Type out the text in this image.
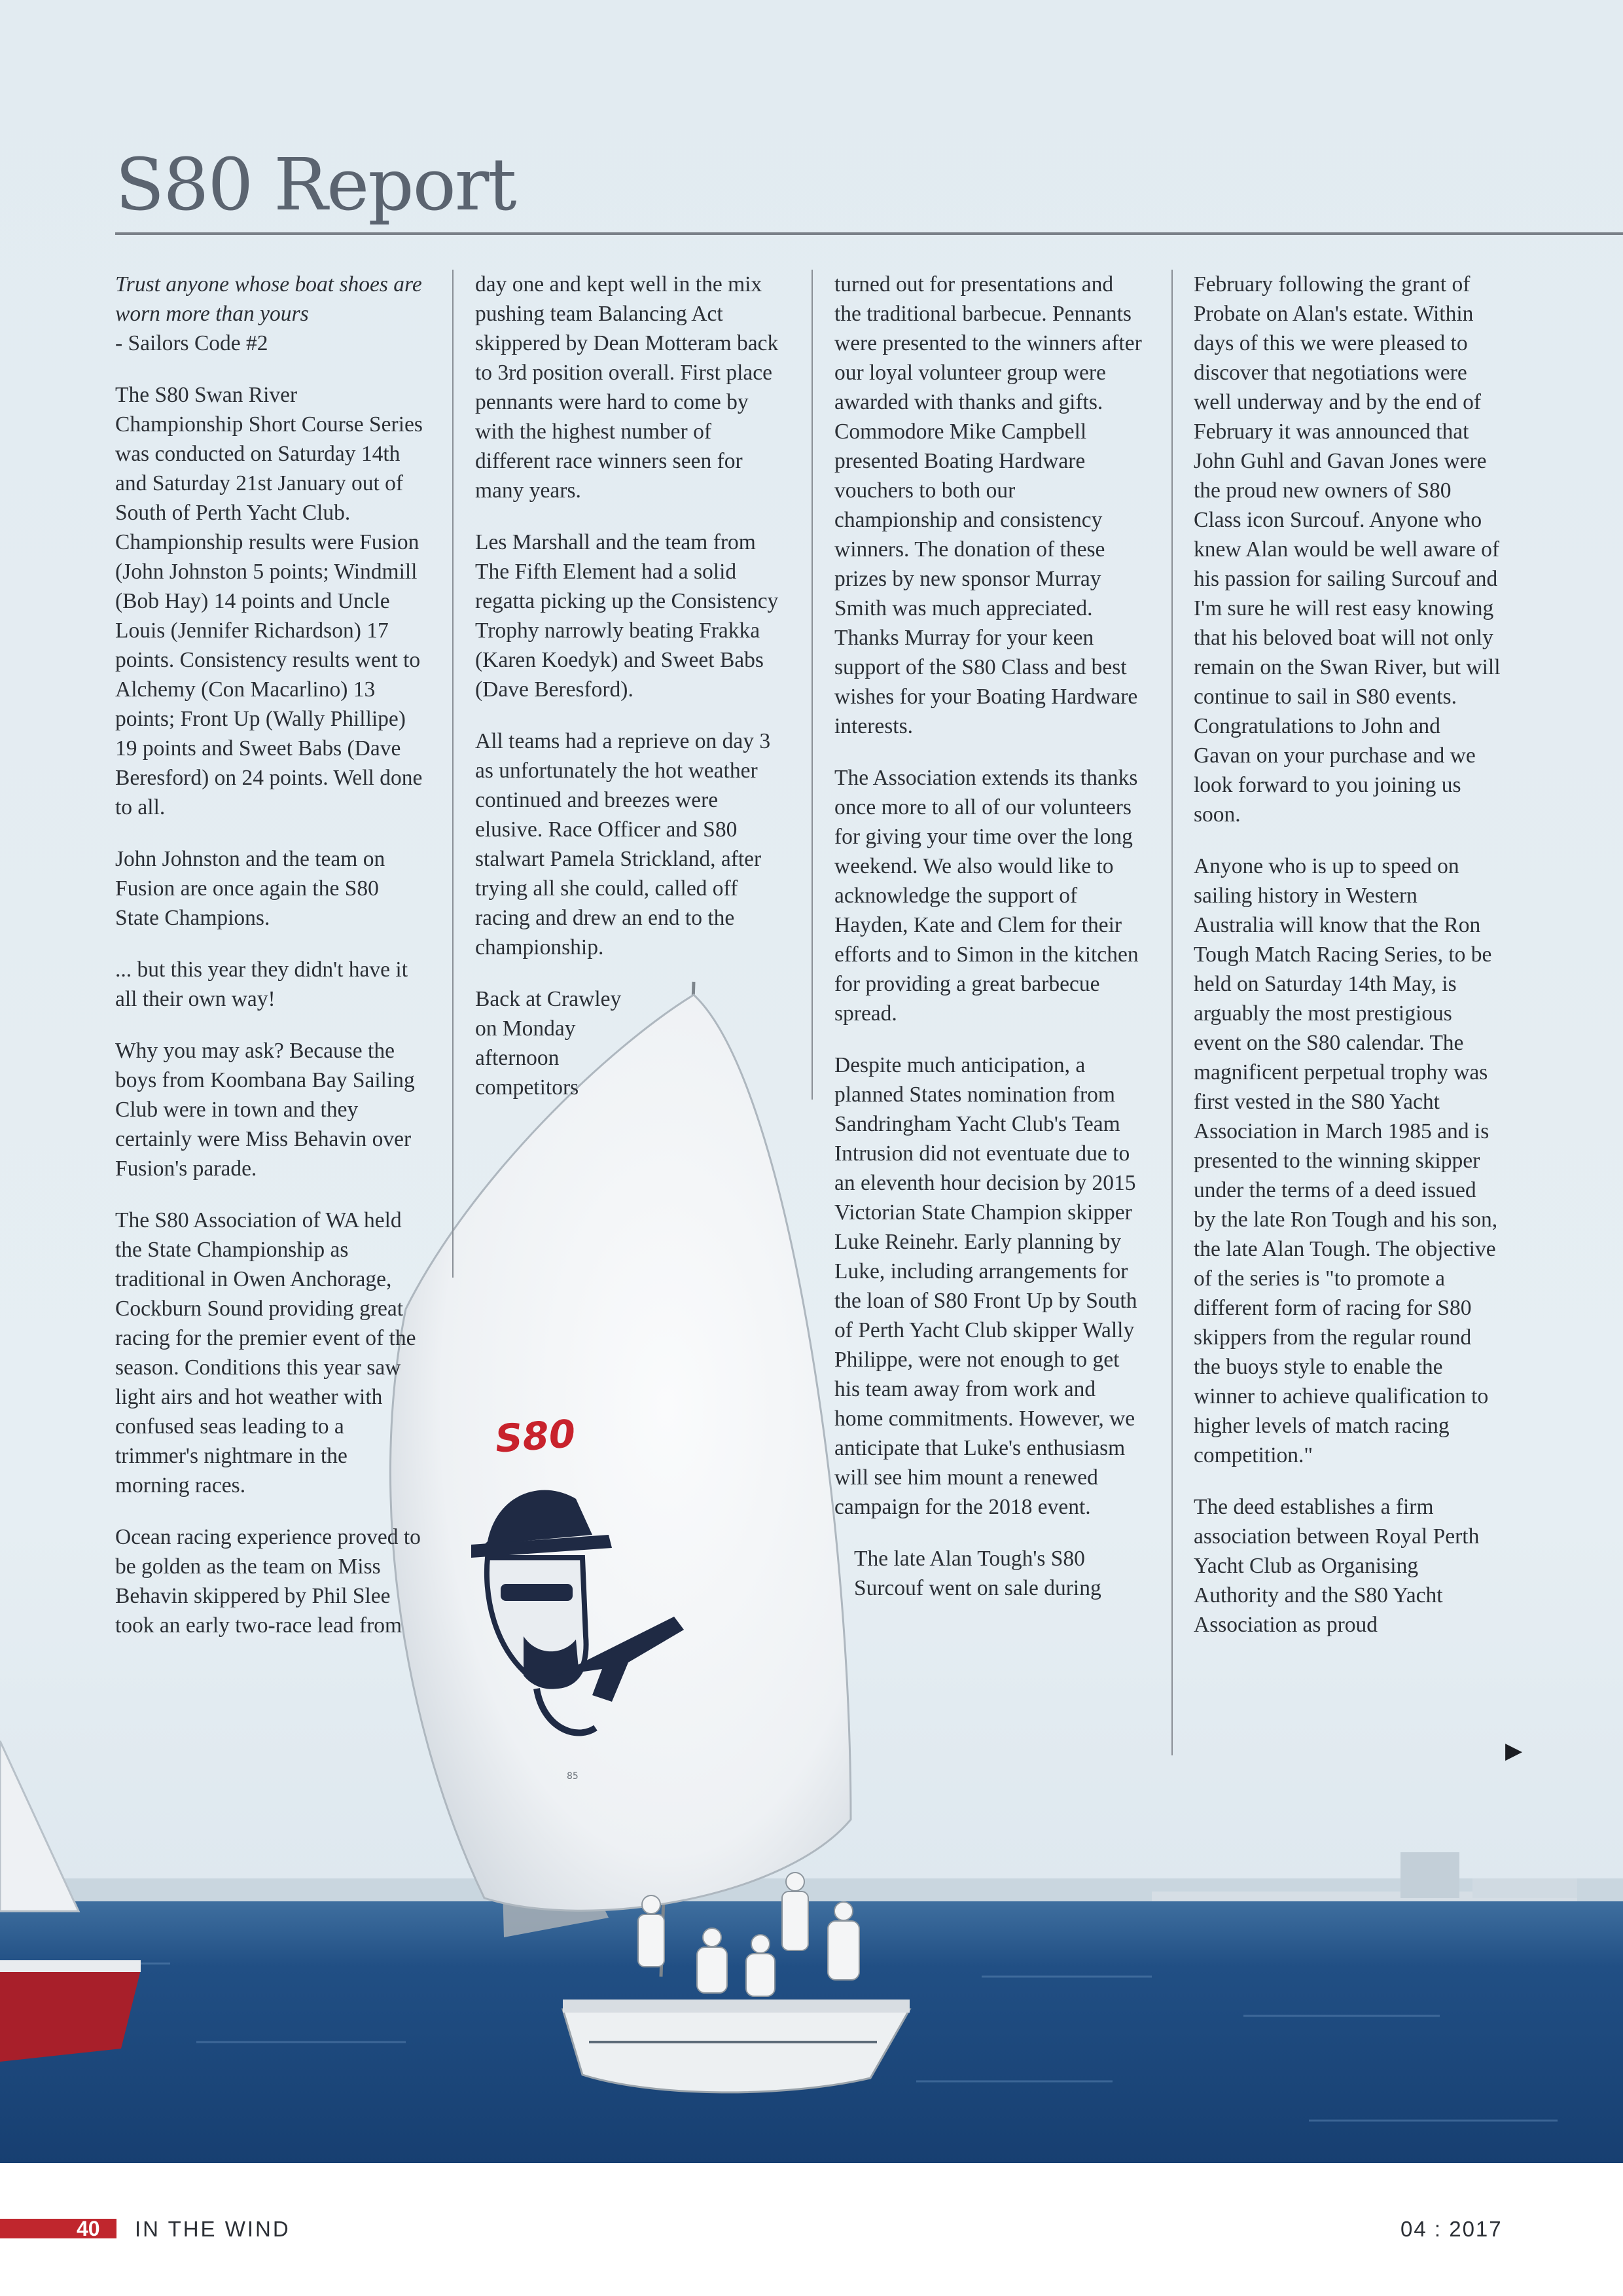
S80
85
S80 Report

Trust anyone whose boat shoes are worn more than yours
- Sailors Code #2

The S80 Swan River Championship Short Course Series was conducted on Saturday 14th and Saturday 21st January out of South of Perth Yacht Club. Championship results were Fusion (John Johnston 5 points; Windmill (Bob Hay) 14 points and Uncle Louis (Jennifer Richardson) 17 points. Consistency results went to Alchemy (Con Macarlino) 13 points; Front Up (Wally Phillipe) 19 points and Sweet Babs (Dave Beresford) on 24 points. Well done to all.

John Johnston and the team on Fusion are once again the S80 State Champions.

... but this year they didn't have it all their own way!

Why you may ask? Because the boys from Koombana Bay Sailing Club were in town and they certainly were Miss Behavin over Fusion's parade.

The S80 Association of WA held the State Championship as traditional in Owen Anchorage, Cockburn Sound providing great racing for the premier event of the season. Conditions this year saw light airs and hot weather with confused seas leading to a trimmer's nightmare in the morning races.

Ocean racing experience proved to be golden as the team on Miss Behavin skippered by Phil Slee took an early two-race lead from

day one and kept well in the mix pushing team Balancing Act skippered by Dean Motteram back to 3rd position overall. First place pennants were hard to come by with the highest number of different race winners seen for many years.

Les Marshall and the team from The Fifth Element had a solid regatta picking up the Consistency Trophy narrowly beating Frakka (Karen Koedyk) and Sweet Babs (Dave Beresford).

All teams had a reprieve on day 3 as unfortunately the hot weather continued and breezes were elusive. Race Officer and S80 stalwart Pamela Strickland, after trying all she could, called off racing and drew an end to the championship.

Back at Crawley on Monday afternoon competitors

turned out for presentations and the traditional barbecue. Pennants were presented to the winners after our loyal volunteer group were awarded with thanks and gifts. Commodore Mike Campbell presented Boating Hardware vouchers to both our championship and consistency winners. The donation of these prizes by new sponsor Murray Smith was much appreciated. Thanks Murray for your keen support of the S80 Class and best wishes for your Boating Hardware interests.

The Association extends its thanks once more to all of our volunteers for giving your time over the long weekend. We also would like to acknowledge the support of Hayden, Kate and Clem for their efforts and to Simon in the kitchen for providing a great barbecue spread.

Despite much anticipation, a planned States nomination from Sandringham Yacht Club's Team Intrusion did not eventuate due to an eleventh hour decision by 2015 Victorian State Champion skipper Luke Reinehr. Early planning by Luke, including arrangements for the loan of S80 Front Up by South of Perth Yacht Club skipper Wally Philippe, were not enough to get his team away from work and home commitments. However, we anticipate that Luke's enthusiasm will see him mount a renewed campaign for the 2018 event.

The late Alan Tough's S80 Surcouf went on sale during

February following the grant of Probate on Alan's estate. Within days of this we were pleased to discover that negotiations were well underway and by the end of February it was announced that John Guhl and Gavan Jones were the proud new owners of S80 Class icon Surcouf. Anyone who knew Alan would be well aware of his passion for sailing Surcouf and I'm sure he will rest easy knowing that his beloved boat will not only remain on the Swan River, but will continue to sail in S80 events. Congratulations to John and Gavan on your purchase and we look forward to you joining us soon.

Anyone who is up to speed on sailing history in Western Australia will know that the Ron Tough Match Racing Series, to be held on Saturday 14th May, is arguably the most prestigious event on the S80 calendar. The magnificent perpetual trophy was first vested in the S80 Yacht Association in March 1985 and is presented to the winning skipper under the terms of a deed issued by the late Ron Tough and his son, the late Alan Tough. The objective of the series is "to promote a different form of racing for S80 skippers from the regular round the buoys style to enable the winner to achieve qualification to higher levels of match racing competition."

The deed establishes a firm association between Royal Perth Yacht Club as Organising Authority and the S80 Yacht Association as proud

▶
40 IN THE WIND	04 : 2017
